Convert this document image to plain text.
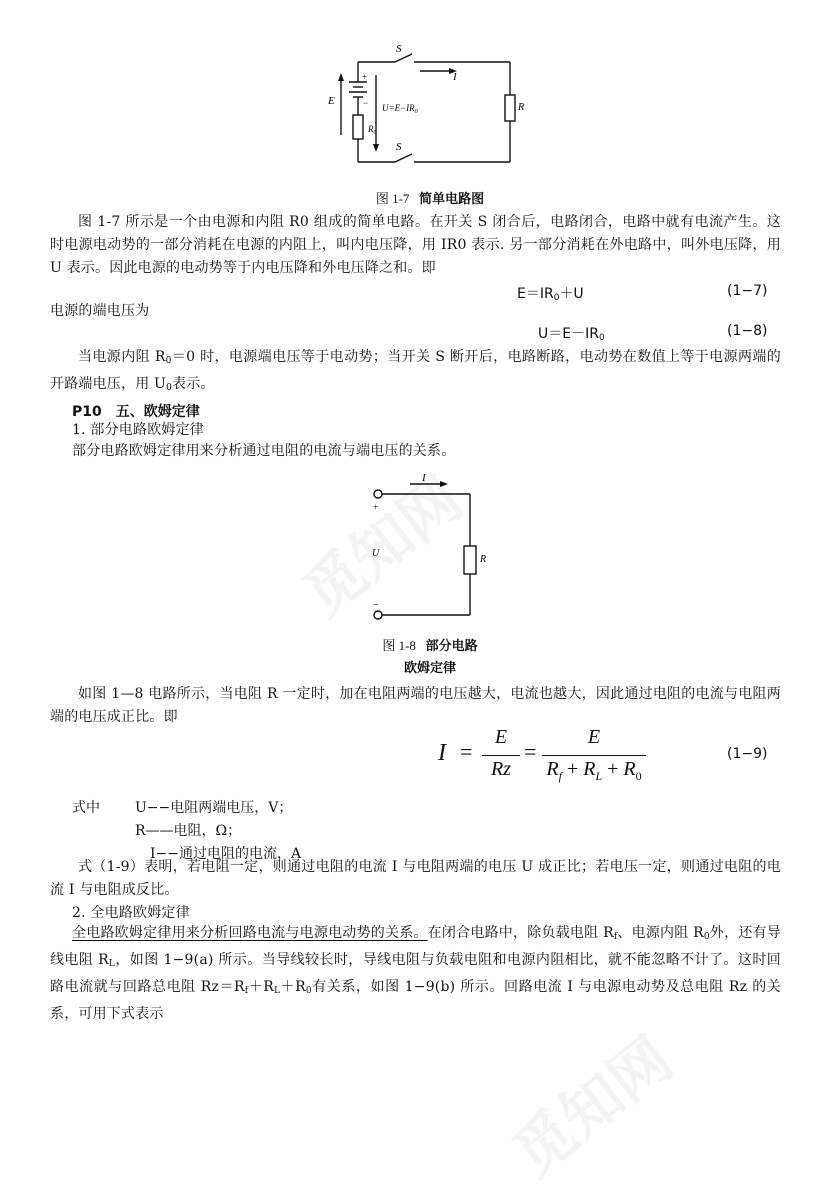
S
S
I
E
+
− $U=E-IR_0$
$R_0$
R
图 1-7 简单电路图

图 1-7 所示是一个由电源和内阻 R0 组成的简单电路。在开关 S 闭合后，电路闭合，电路中就有电流产生。这时电源电动势的一部分消耗在电源的内阻上，叫内电压降，用 IR0 表示. 另一部分消耗在外电路中，叫外电压降，用 U 表示。因此电源的电动势等于内电压降和外电压降之和。即

$E=IR_0+U$	(1−7)
电源的端电压为
$U=E-IR_0$	(1−8)

当电源内阻 $R_0=0$ 时，电源端电压等于电动势；当开关 S 断开后，电路断路，电动势在数值上等于电源两端的开路端电压，用 $U_0$表示。

P10　五、欧姆定律
1. 部分电路欧姆定律
部分电路欧姆定律用来分析通过电阻的电流与端电压的关系。
I
+
U
−
R
图 1-8 部分电路
欧姆定律

如图 1—8 电路所示，当电阻 R 一定时，加在电阻两端的电压越大，电流也越大，因此通过电阻的电流与电阻两端的电压成正比。即

I =
E
Rz
=
E
$R_f + R_L + R_0$
(1−9)
式中	U−−电阻两端电压，V；
R——电阻，Ω；
I−−通过电阻的电流，A

式（1-9）表明，若电阻一定，则通过电阻的电流 I 与电阻两端的电压 U 成正比；若电压一定，则通过电阻的电流 I 与电阻成反比。

2. 全电路欧姆定律

全电路欧姆定律用来分析回路电流与电源电动势的关系。在闭合电路中，除负载电阻 $R_f$、电源内阻 $R_0$外，还有导线电阻 $R_L$，如图 1−9(a) 所示。当导线较长时，导线电阻与负载电阻和电源内阻相比，就不能忽略不计了。这时回路电流就与回路总电阻 $Rz=R_f+R_L+R_0$有关系，如图 1−9(b) 所示。回路电流 I 与电源电动势及总电阻 Rz 的关系，可用下式表示
